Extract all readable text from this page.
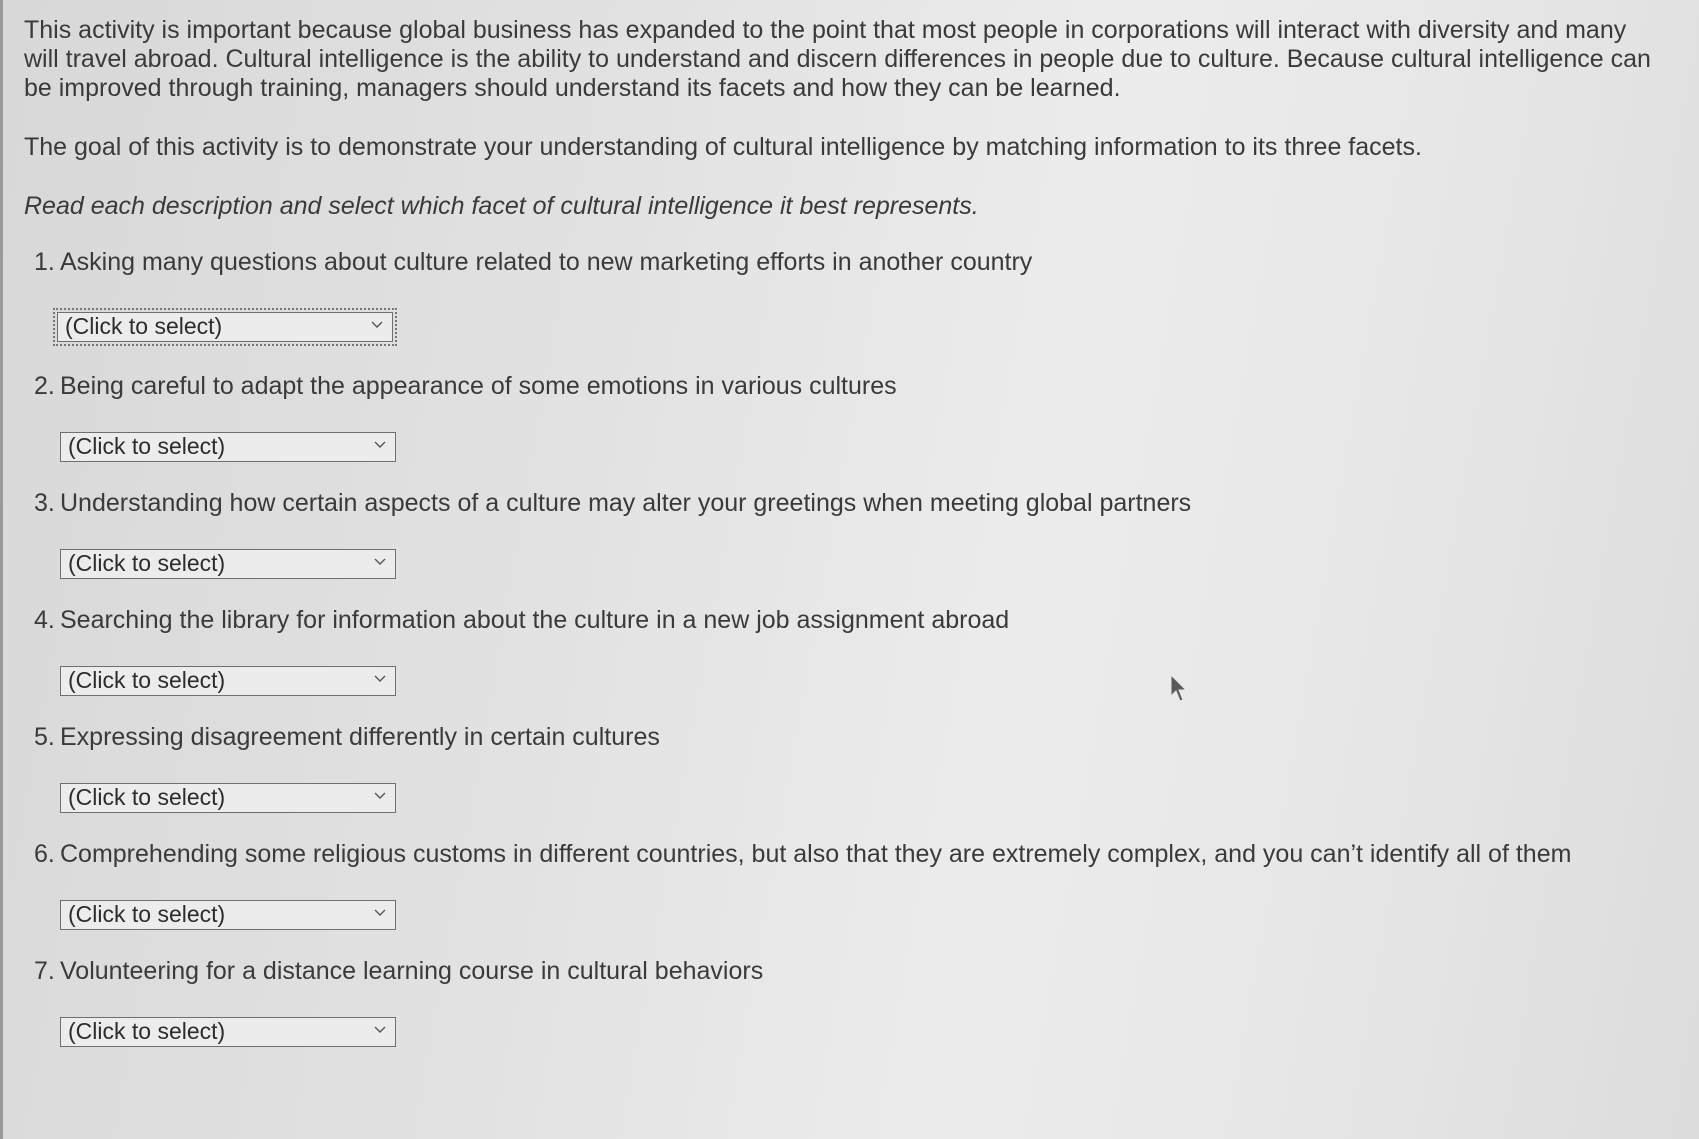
This activity is important because global business has expanded to the point that most people in corporations will interact with diversity and many will travel abroad. Cultural intelligence is the ability to understand and discern differences in people due to culture. Because cultural intelligence can be improved through training, managers should understand its facets and how they can be learned.

The goal of this activity is to demonstrate your understanding of cultural intelligence by matching information to its three facets.

Read each description and select which facet of cultural intelligence it best represents.

1. Asking many questions about culture related to new marketing efforts in another country
(Click to select)
2. Being careful to adapt the appearance of some emotions in various cultures
(Click to select)
3. Understanding how certain aspects of a culture may alter your greetings when meeting global partners
(Click to select)
4. Searching the library for information about the culture in a new job assignment abroad
(Click to select)
5. Expressing disagreement differently in certain cultures
(Click to select)
6. Comprehending some religious customs in different countries, but also that they are extremely complex, and you can’t identify all of them
(Click to select)
7. Volunteering for a distance learning course in cultural behaviors
(Click to select)
